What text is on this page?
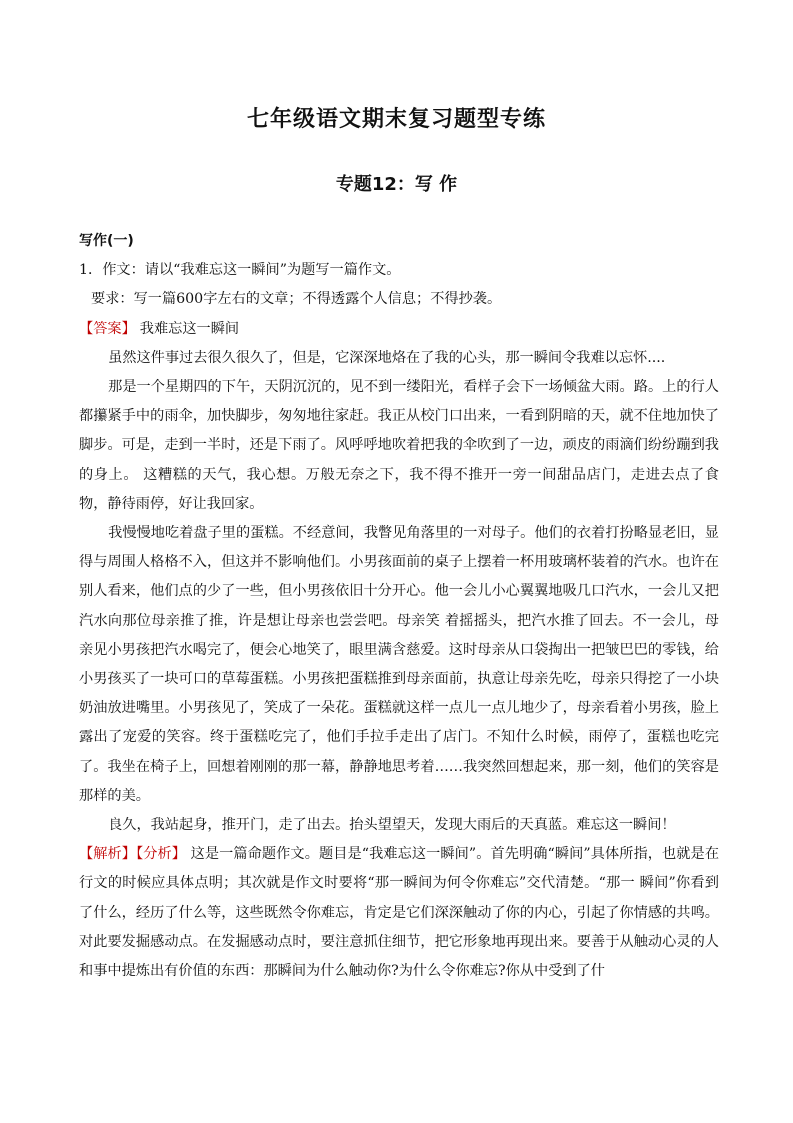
七年级语文期末复习题型专练
专题12：写 作

写作(一)

1．作文：请以“我难忘这一瞬间”为题写一篇作文。

要求：写一篇600字左右的文章；不得透露个人信息；不得抄袭。

【答案】 我难忘这一瞬间

虽然这件事过去很久很久了，但是，它深深地烙在了我的心头，那一瞬间令我难以忘怀....

那是一个星期四的下午，天阴沉沉的，见不到一缕阳光，看样子会下一场倾盆大雨。路。上的行人都攥紧手中的雨伞，加快脚步，匆匆地往家赶。我正从校门口出来，一看到阴暗的天，就不住地加快了脚步。可是，走到一半时，还是下雨了。风呼呼地吹着把我的伞吹到了一边，顽皮的雨滴们纷纷蹦到我的身上。 这糟糕的天气，我心想。万般无奈之下，我不得不推开一旁一间甜品店门，走进去点了食物，静待雨停，好让我回家。

我慢慢地吃着盘子里的蛋糕。不经意间，我瞥见角落里的一对母子。他们的衣着打扮略显老旧，显得与周围人格格不入，但这并不影响他们。小男孩面前的桌子上摆着一杯用玻璃杯装着的汽水。也许在别人看来，他们点的少了一些，但小男孩依旧十分开心。他一会儿小心翼翼地吸几口汽水，一会儿又把汽水向那位母亲推了推，许是想让母亲也尝尝吧。母亲笑 着摇摇头，把汽水推了回去。不一会儿，母亲见小男孩把汽水喝完了，便会心地笑了，眼里满含慈爱。这时母亲从口袋掏出一把皱巴巴的零钱，给小男孩买了一块可口的草莓蛋糕。小男孩把蛋糕推到母亲面前，执意让母亲先吃，母亲只得挖了一小块奶油放进嘴里。小男孩见了，笑成了一朵花。蛋糕就这样一点儿一点儿地少了，母亲看着小男孩，脸上露出了宠爱的笑容。终于蛋糕吃完了，他们手拉手走出了店门。不知什么时候，雨停了，蛋糕也吃完了。我坐在椅子上，回想着刚刚的那一幕，静静地思考着……我突然回想起来，那一刻，他们的笑容是那样的美。

良久，我站起身，推开门，走了出去。抬头望望天，发现大雨后的天真蓝。难忘这一瞬间！

【解析】【分析】 这是一篇命题作文。题目是“我难忘这一瞬间”。首先明确“瞬间”具体所指，也就是在行文的时候应具体点明；其次就是作文时要将“那一瞬间为何令你难忘”交代清楚。“那一 瞬间”你看到了什么，经历了什么等，这些既然令你难忘，肯定是它们深深触动了你的内心，引起了你情感的共鸣。对此要发掘感动点。在发掘感动点时，要注意抓住细节，把它形象地再现出来。要善于从触动心灵的人和事中提炼出有价值的东西：那瞬间为什么触动你?为什么令你难忘?你从中受到了什
